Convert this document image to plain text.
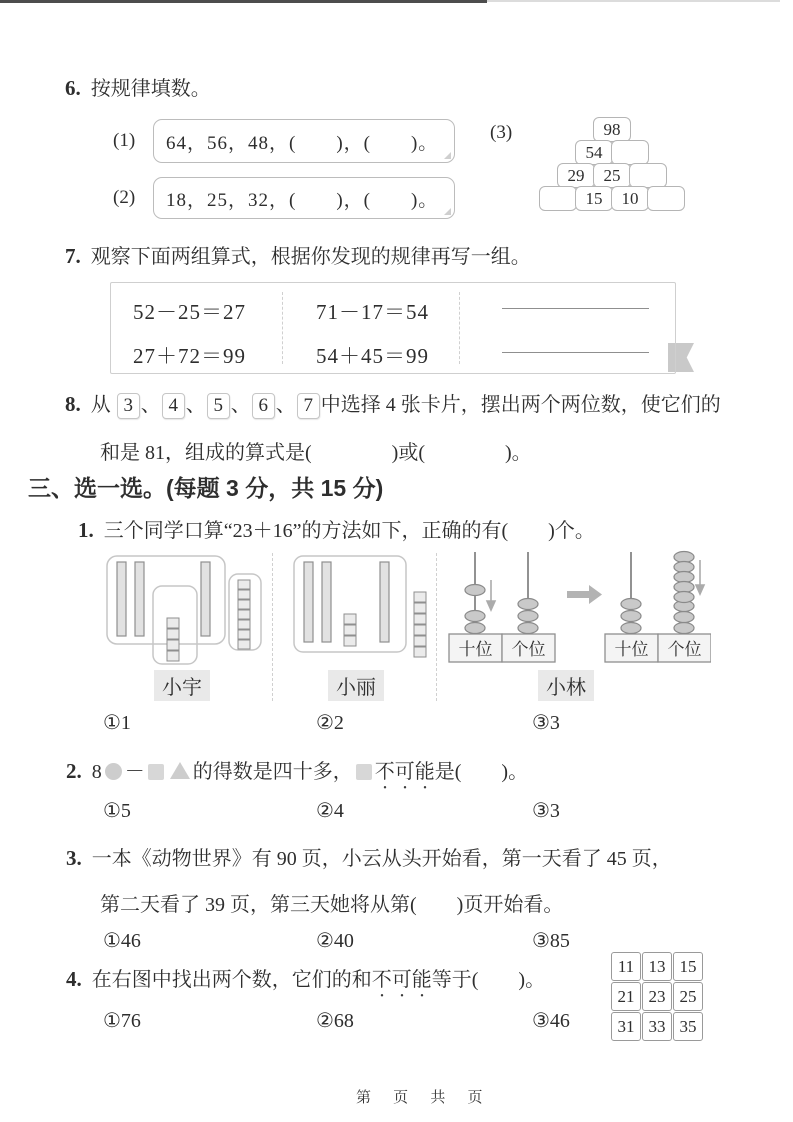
6. 按规律填数。
(1) 64，56，48，(　　)，(　　)。
(2) 18，25，32，(　　)，(　　)。
(3)	98
54
29	25
15	10
7. 观察下面两组算式，根据你发现的规律再写一组。
52－25＝27
27＋72＝99
71－17＝54
54＋45＝99
8. 从 3 、 4 、 5 、 6 、 7 中选择 4 张卡片，摆出两个两位数，使它们的
和是 81，组成的算式是(　　　　)或(　　　　)。
三、选一选。(每题 3 分，共 15 分)
1. 三个同学口算“23＋16”的方法如下，正确的有(　　)个。
十位 个位	十位 个位
小宇	小丽	小林
①1	②2	③3
2. 8 － 的得数是四十多， 不可能是(　　)。
①5	②4	③3
3. 一本《动物世界》有 90 页，小云从头开始看，第一天看了 45 页，
第二天看了 39 页，第三天她将从第(　　)页开始看。
①46	②40	③85
4. 在右图中找出两个数，它们的和不可能等于(　　)。
①76	②68	③46
11 13 15
21 23 25
31 33 35
第 页 共 页
